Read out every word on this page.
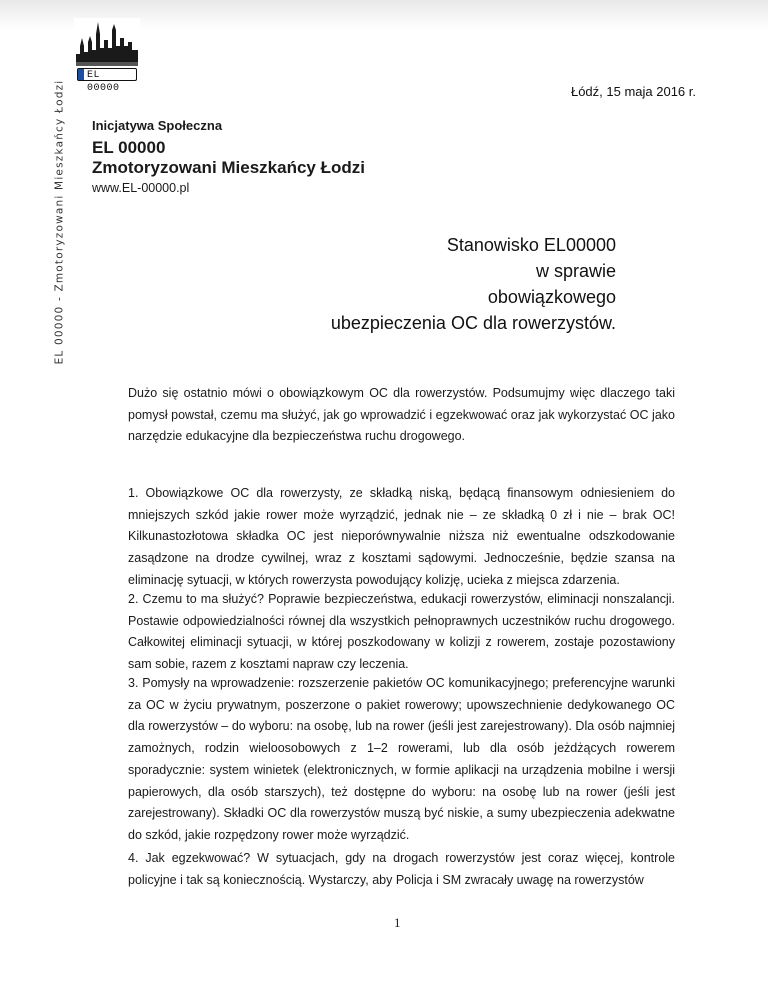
EL 00000
EL 00000 - Zmotoryzowani Mieszkańcy Łodzi	Łódź, 15 maja 2016 r.
Inicjatywa Społeczna
EL 00000
Zmotoryzowani Mieszkańcy Łodzi
www.EL-00000.pl
Stanowisko EL00000
w sprawie
obowiązkowego
ubezpieczenia OC dla rowerzystów.

Dużo się ostatnio mówi o obowiązkowym OC dla rowerzystów. Podsumujmy więc dlaczego taki pomysł powstał, czemu ma służyć, jak go wprowadzić i egzekwować oraz jak wykorzystać OC jako narzędzie edukacyjne dla bezpieczeństwa ruchu drogowego.

1. Obowiązkowe OC dla rowerzysty, ze składką niską, będącą finansowym odniesieniem do mniejszych szkód jakie rower może wyrządzić, jednak nie – ze składką 0 zł i nie – brak OC! Kilkunastozłotowa składka OC jest nieporównywalnie niższa niż ewentualne odszkodowanie zasądzone na drodze cywilnej, wraz z kosztami sądowymi. Jednocześnie, będzie szansa na eliminację sytuacji, w których rowerzysta powodujący kolizję, ucieka z miejsca zdarzenia.

2. Czemu to ma służyć? Poprawie bezpieczeństwa, edukacji rowerzystów, eliminacji nonszalancji. Postawie odpowiedzialności równej dla wszystkich pełnoprawnych uczestników ruchu drogowego. Całkowitej eliminacji sytuacji, w której poszkodowany w kolizji z rowerem, zostaje pozostawiony sam sobie, razem z kosztami napraw czy leczenia.

3. Pomysły na wprowadzenie: rozszerzenie pakietów OC komunikacyjnego; preferencyjne warunki za OC w życiu prywatnym, poszerzone o pakiet rowerowy; upowszechnienie dedykowanego OC dla rowerzystów – do wyboru: na osobę, lub na rower (jeśli jest zarejestrowany). Dla osób najmniej zamożnych, rodzin wieloosobowych z 1–2 rowerami, lub dla osób jeżdżących rowerem sporadycznie: system winietek (elektronicznych, w formie aplikacji na urządzenia mobilne i wersji papierowych, dla osób starszych), też dostępne do wyboru: na osobę lub na rower (jeśli jest zarejestrowany). Składki OC dla rowerzystów muszą być niskie, a sumy ubezpieczenia adekwatne do szkód, jakie rozpędzony rower może wyrządzić.

4. Jak egzekwować? W sytuacjach, gdy na drogach rowerzystów jest coraz więcej, kontrole policyjne i tak są koniecznością. Wystarczy, aby Policja i SM zwracały uwagę na rowerzystów

1
